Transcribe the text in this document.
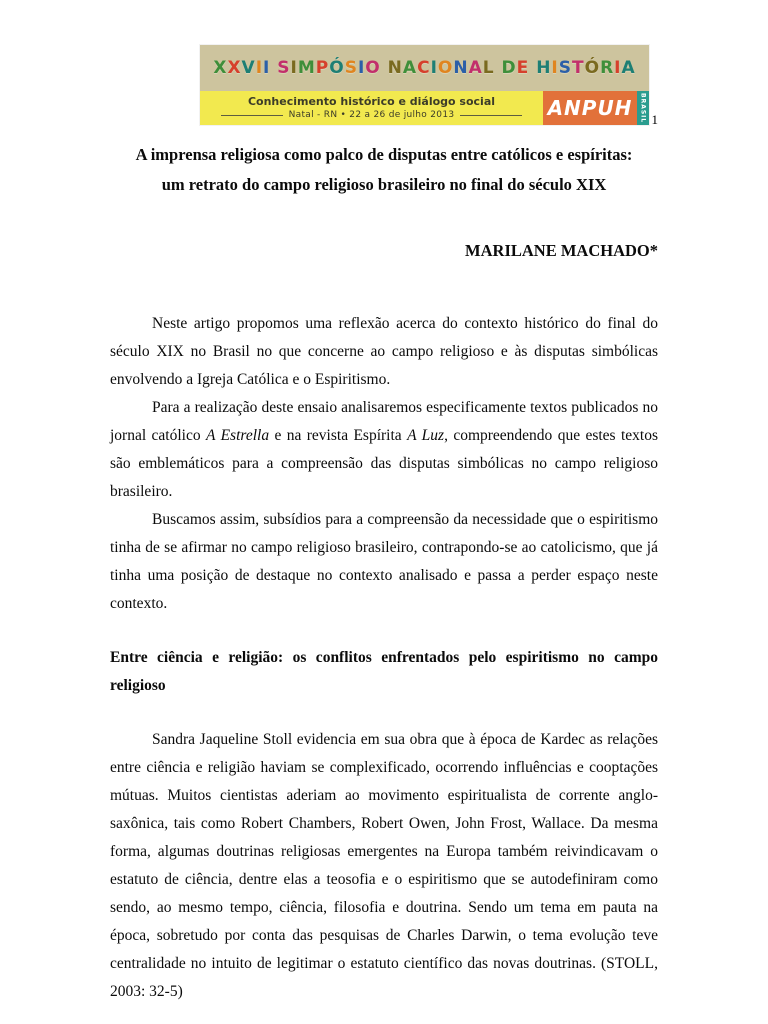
XXVII SIMPÓSIO NACIONAL DE HISTÓRIA
Conhecimento histórico e diálogo social
Natal - RN • 22 a 26 de julho 2013	ANPUH	BRASIL 1
A imprensa religiosa como palco de disputas entre católicos e espíritas:
um retrato do campo religioso brasileiro no final do século XIX
MARILANE MACHADO*

Neste artigo propomos uma reflexão acerca do contexto histórico do final do século XIX no Brasil no que concerne ao campo religioso e às disputas simbólicas envolvendo a Igreja Católica e o Espiritismo.

Para a realização deste ensaio analisaremos especificamente textos publicados no jornal católico A Estrella e na revista Espírita A Luz, compreendendo que estes textos são emblemáticos para a compreensão das disputas simbólicas no campo religioso brasileiro.

Buscamos assim, subsídios para a compreensão da necessidade que o espiritismo tinha de se afirmar no campo religioso brasileiro, contrapondo-se ao catolicismo, que já tinha uma posição de destaque no contexto analisado e passa a perder espaço neste contexto.

Entre ciência e religião: os conflitos enfrentados pelo espiritismo no campo religioso

Sandra Jaqueline Stoll evidencia em sua obra que à época de Kardec as relações entre ciência e religião haviam se complexificado, ocorrendo influências e cooptações mútuas. Muitos cientistas aderiam ao movimento espiritualista de corrente anglo-saxônica, tais como Robert Chambers, Robert Owen, John Frost, Wallace. Da mesma forma, algumas doutrinas religiosas emergentes na Europa também reivindicavam o estatuto de ciência, dentre elas a teosofia e o espiritismo que se autodefiniram como sendo, ao mesmo tempo, ciência, filosofia e doutrina. Sendo um tema em pauta na época, sobretudo por conta das pesquisas de Charles Darwin, o tema evolução teve centralidade no intuito de legitimar o estatuto científico das novas doutrinas. (STOLL, 2003: 32-5)
